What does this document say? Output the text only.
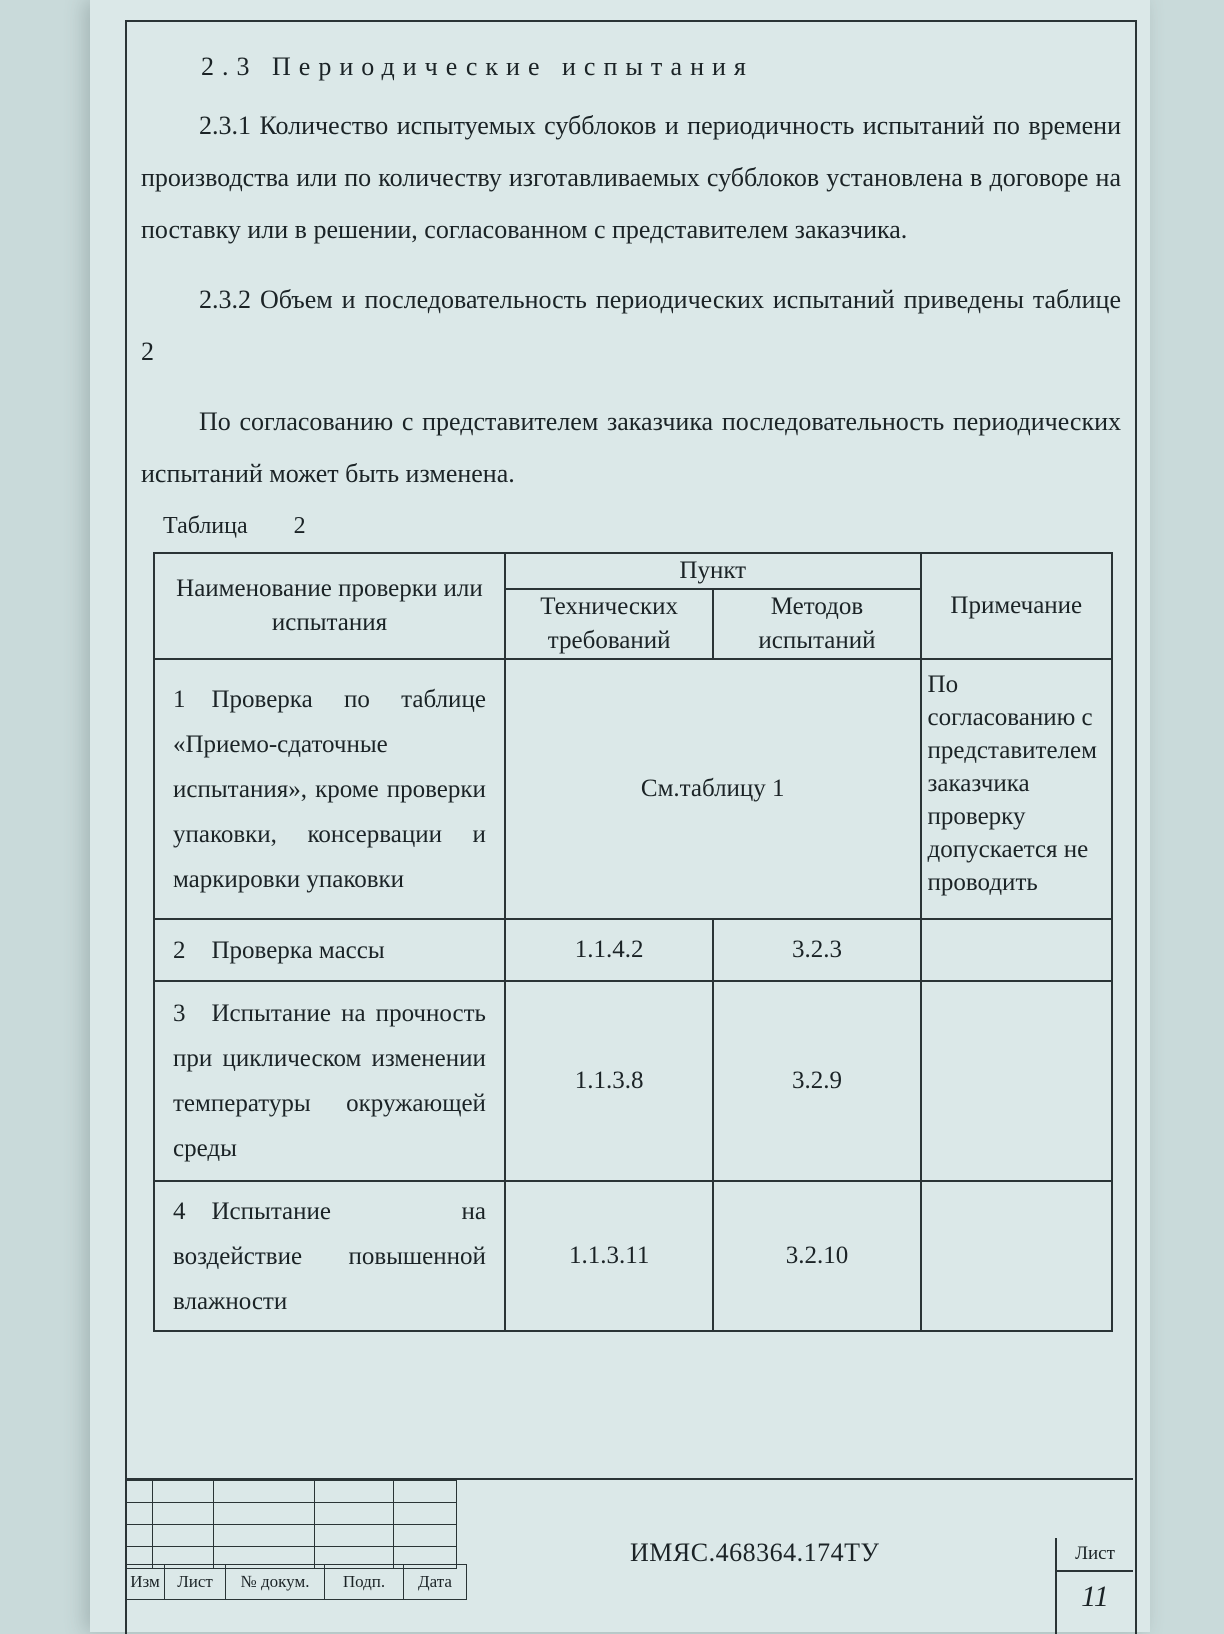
2.3 Периодические испытания

2.3.1 Количество испытуемых субблоков и периодичность испытаний по времени производства или по количеству изготавливаемых субблоков установлена в договоре на поставку или в решении, согласованном с представителем заказчика.

2.3.2 Объем и последовательность периодических испытаний приведены таблице 2

По согласованию с представителем заказчика последовательность периодических испытаний может быть изменена.

Таблица 2
Наименование проверки или испытания	Пункт		Примечание
	Технических требований	Методов испытаний	
1 Проверка по таблице «Приемо-сдаточные испытания», кроме проверки упаковки, консервации и маркировки упаковки	См.таблицу 1		По согласованию с представителем заказчика проверку допускается не проводить
2 Проверка массы	1.1.4.2	3.2.3	
3 Испытание на прочность при циклическом изменении температуры окружающей среды	1.1.3.8	3.2.9	
4 Испытание на воздействие повышенной влажности	1.1.3.11	3.2.10	

Изм	Лист	№ докум.	Подп.	Дата
ИМЯС.468364.174ТУ	Лист
11
